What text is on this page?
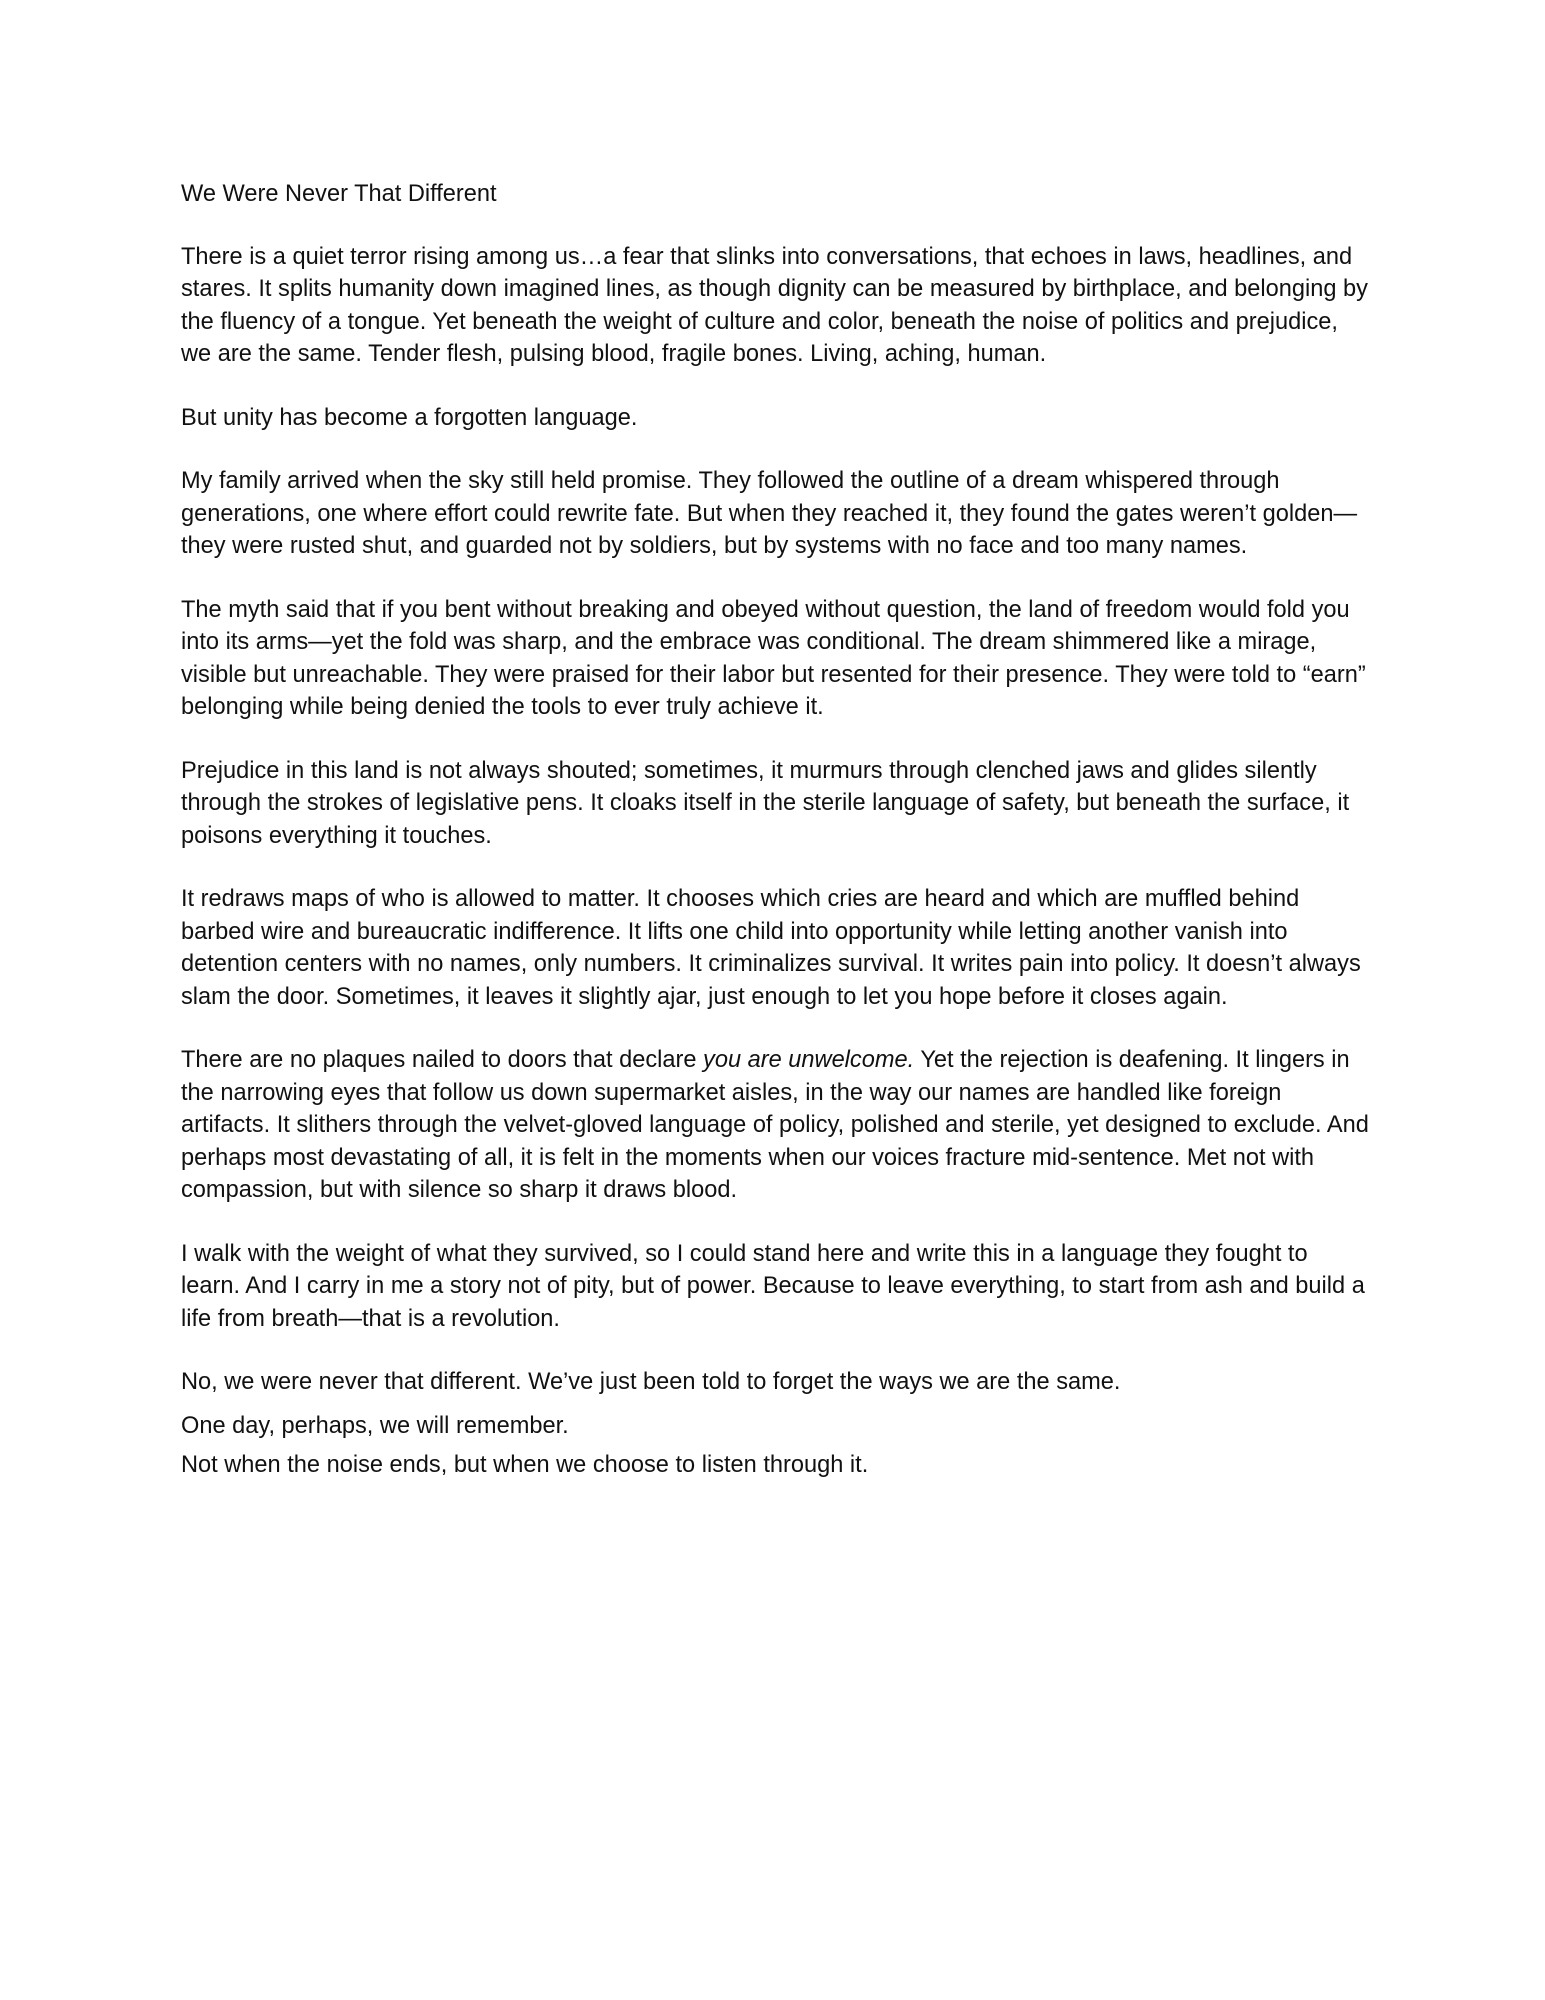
We Were Never That Different

There is a quiet terror rising among us…a fear that slinks into conversations, that echoes in laws, headlines, and stares. It splits humanity down imagined lines, as though dignity can be measured by birthplace, and belonging by the fluency of a tongue. Yet beneath the weight of culture and color, beneath the noise of politics and prejudice, we are the same. Tender flesh, pulsing blood, fragile bones. Living, aching, human.

But unity has become a forgotten language.

My family arrived when the sky still held promise. They followed the outline of a dream whispered through generations, one where effort could rewrite fate. But when they reached it, they found the gates weren’t golden—they were rusted shut, and guarded not by soldiers, but by systems with no face and too many names.

The myth said that if you bent without breaking and obeyed without question, the land of freedom would fold you into its arms—yet the fold was sharp, and the embrace was conditional. The dream shimmered like a mirage, visible but unreachable. They were praised for their labor but resented for their presence. They were told to “earn” belonging while being denied the tools to ever truly achieve it.

Prejudice in this land is not always shouted; sometimes, it murmurs through clenched jaws and glides silently through the strokes of legislative pens. It cloaks itself in the sterile language of safety, but beneath the surface, it poisons everything it touches.

It redraws maps of who is allowed to matter. It chooses which cries are heard and which are muffled behind barbed wire and bureaucratic indifference. It lifts one child into opportunity while letting another vanish into detention centers with no names, only numbers. It criminalizes survival. It writes pain into policy. It doesn’t always slam the door. Sometimes, it leaves it slightly ajar, just enough to let you hope before it closes again.

There are no plaques nailed to doors that declare you are unwelcome. Yet the rejection is deafening. It lingers in the narrowing eyes that follow us down supermarket aisles, in the way our names are handled like foreign artifacts. It slithers through the velvet-gloved language of policy, polished and sterile, yet designed to exclude. And perhaps most devastating of all, it is felt in the moments when our voices fracture mid-sentence. Met not with compassion, but with silence so sharp it draws blood.

I walk with the weight of what they survived, so I could stand here and write this in a language they fought to learn. And I carry in me a story not of pity, but of power. Because to leave everything, to start from ash and build a life from breath—that is a revolution.

No, we were never that different. We’ve just been told to forget the ways we are the same.

One day, perhaps, we will remember.

Not when the noise ends, but when we choose to listen through it.
